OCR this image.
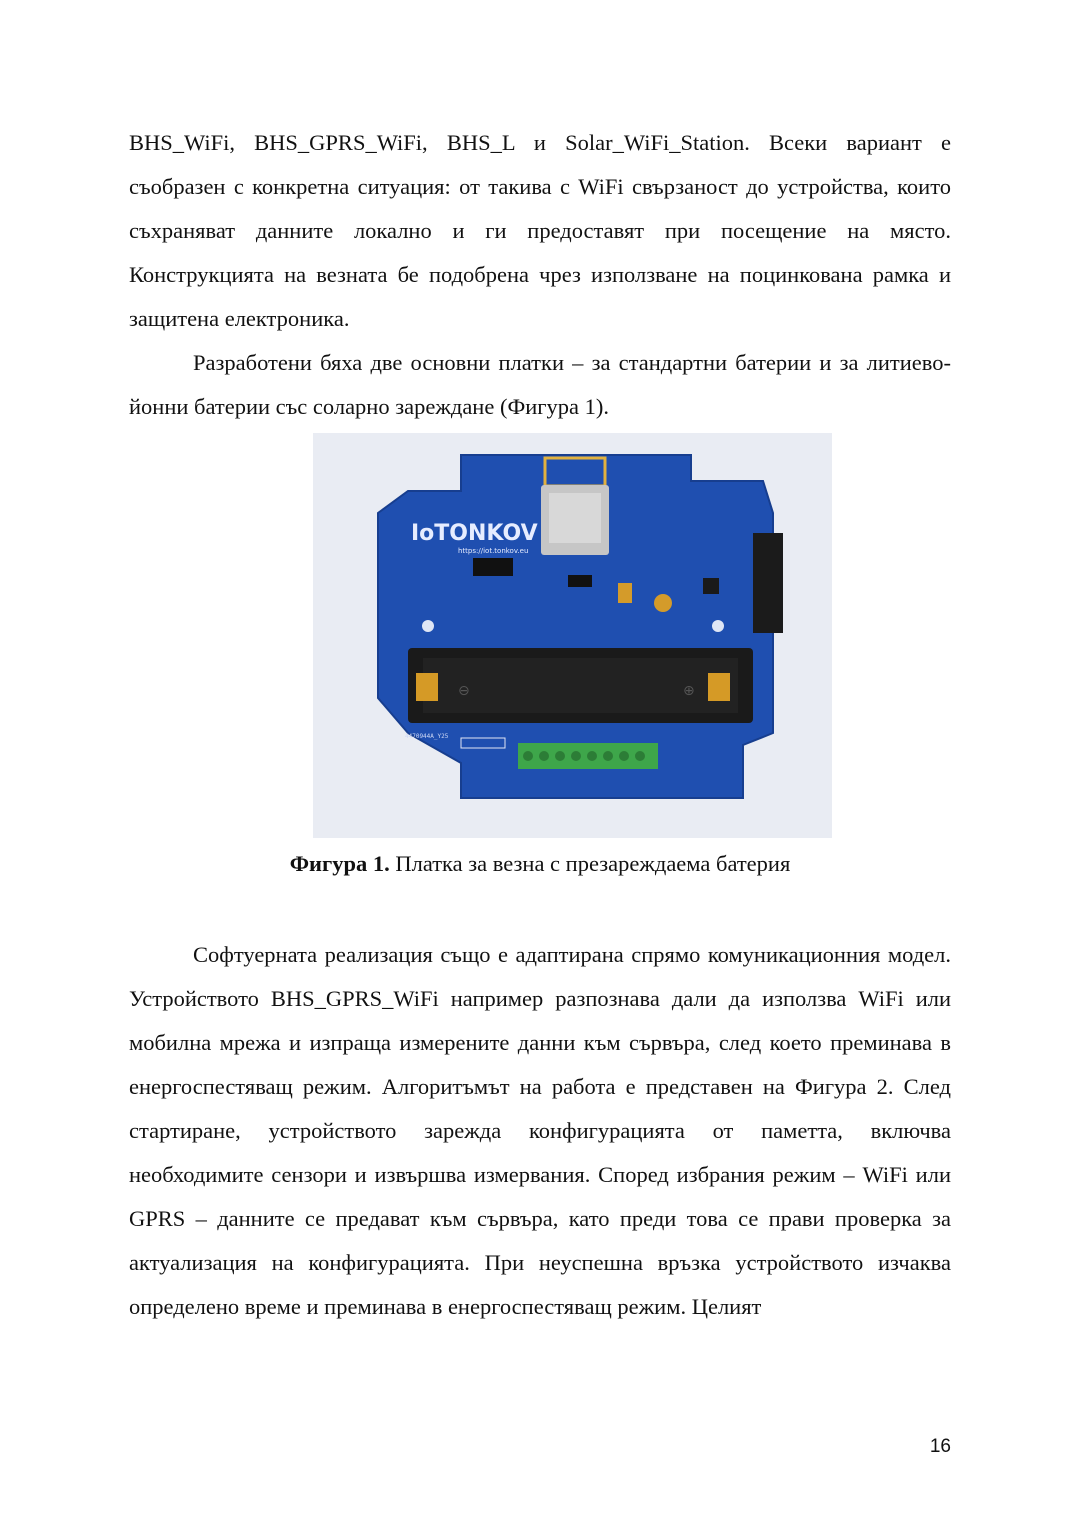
BHS_WiFi, BHS_GPRS_WiFi, BHS_L и Solar_WiFi_Station. Всеки вариант е съобразен с конкретна ситуация: от такива с WiFi свързаност до устройства, които съхраняват данните локално и ги предоставят при посещение на място. Конструкцията на везната бе подобрена чрез използване на поцинкована рамка и защитена електроника.

Разработени бяха две основни платки – за стандартни батерии и за литиево-йонни батерии със соларно зареждане (Фигура 1).

IoTONKOV
https://iot.tonkov.eu
⊖	⊕
4470944A_Y25
Фигура 1. Платка за везна с презареждаема батерия

Софтуерната реализация също е адаптирана спрямо комуникационния модел. Устройството BHS_GPRS_WiFi например разпознава дали да използва WiFi или мобилна мрежа и изпраща измерените данни към сървъра, след което преминава в енергоспестяващ режим. Алгоритъмът на работа е представен на Фигура 2. След стартиране, устройството зарежда конфигурацията от паметта, включва необходимите сензори и извършва измервания. Според избрания режим – WiFi или GPRS – данните се предават към сървъра, като преди това се прави проверка за актуализация на конфигурацията. При неуспешна връзка устройството изчаква определено време и преминава в енергоспестяващ режим. Целият

16
